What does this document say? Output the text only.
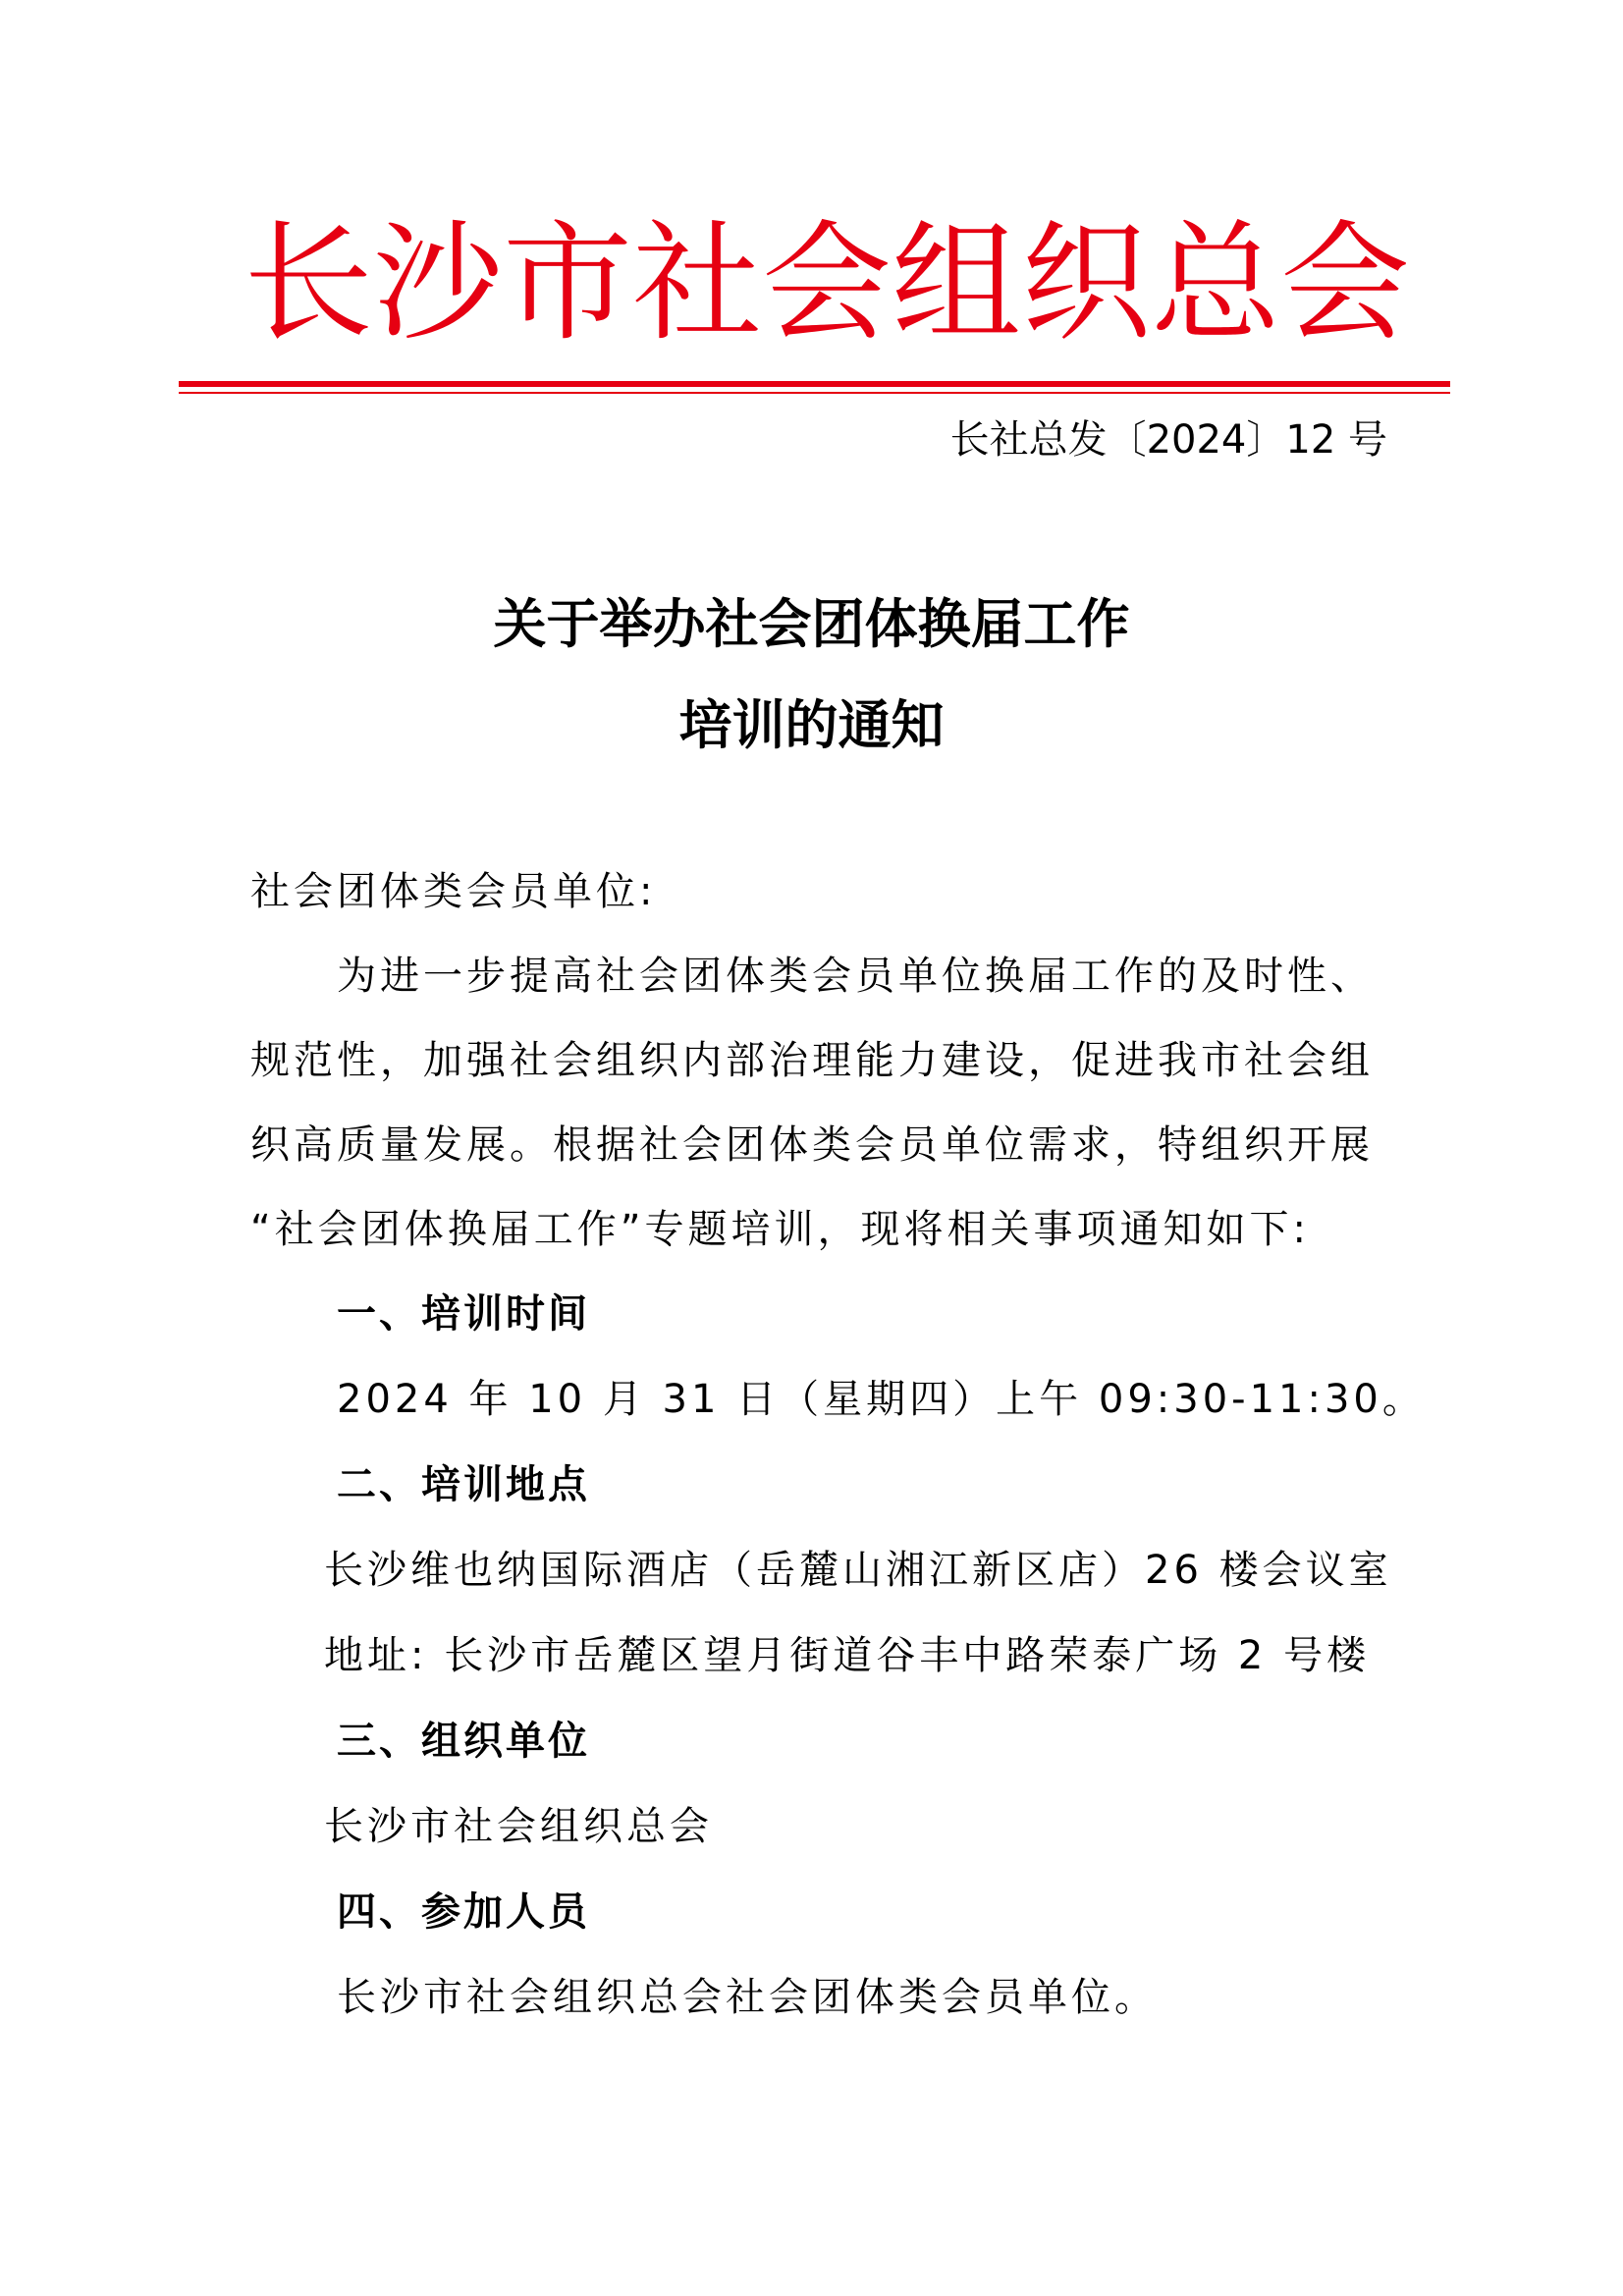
长 沙 市 社 会 组 织 总 会
长社总发〔2024〕12 号
关于举办社会团体换届工作
培训的通知
社会团体类会员单位:
为进一步提高社会团体类会员单位换届工作的及时性、
规范性，加强社会组织内部治理能力建设，促进我市社会组
织高质量发展。根据社会团体类会员单位需求，特组织开展
“社会团体换届工作”专题培训，现将相关事项通知如下:
一、培训时间
2024 年 10 月 31 日（星期四）上午 09:30-11:30。
二、培训地点
长沙维也纳国际酒店（岳麓山湘江新区店）26 楼会议室
地址: 长沙市岳麓区望月街道谷丰中路荣泰广场 2 号楼
三、组织单位
长沙市社会组织总会
四、参加人员
长沙市社会组织总会社会团体类会员单位。
